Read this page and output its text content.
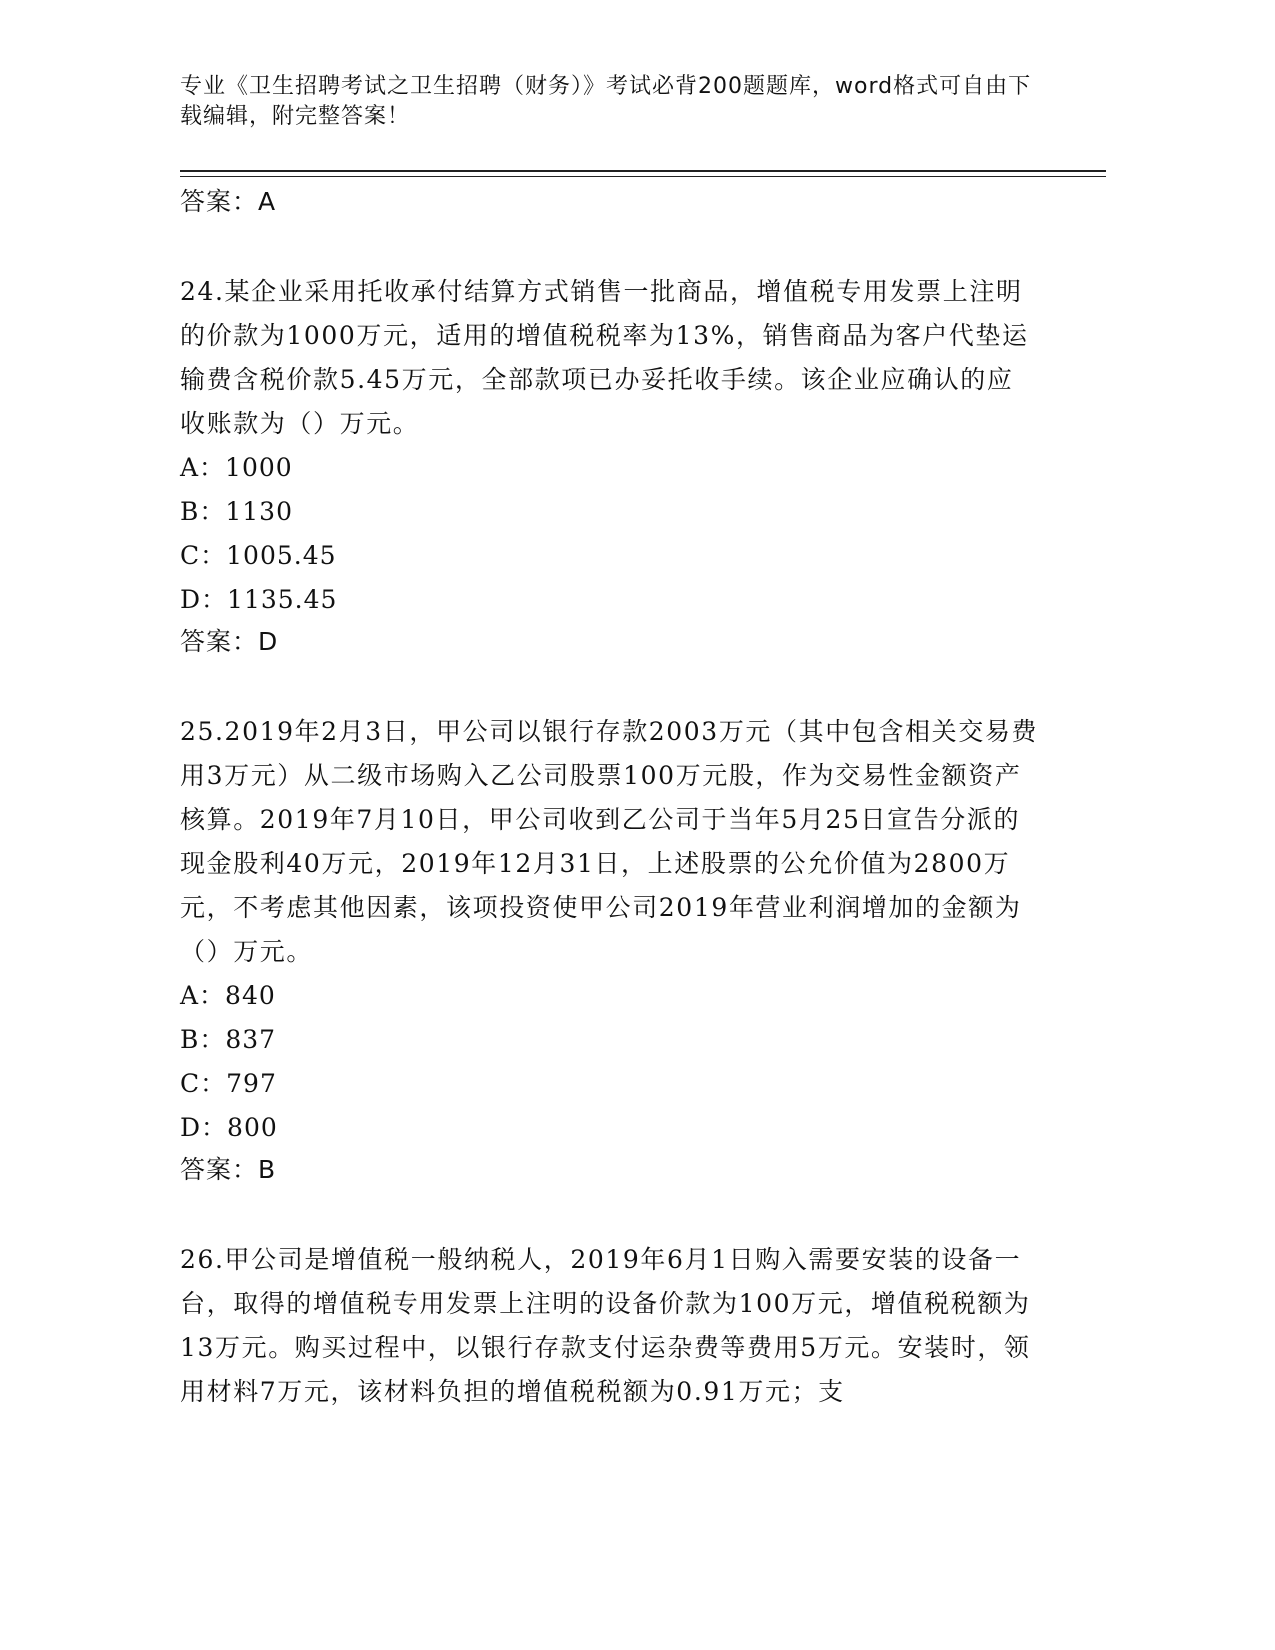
专业《卫生招聘考试之卫生招聘（财务）》考试必背200题题库，word格式可自由下载编辑，附完整答案！

答案：A

24.某企业采用托收承付结算方式销售一批商品，增值税专用发票上注明的价款为1000万元，适用的增值税税率为13%，销售商品为客户代垫运输费含税价款5.45万元，全部款项已办妥托收手续。该企业应确认的应收账款为（）万元。

A：1000

B：1130

C：1005.45

D：1135.45

答案：D

25.2019年2月3日，甲公司以银行存款2003万元（其中包含相关交易费用3万元）从二级市场购入乙公司股票100万元股，作为交易性金额资产核算。2019年7月10日，甲公司收到乙公司于当年5月25日宣告分派的现金股利40万元，2019年12月31日，上述股票的公允价值为2800万元，不考虑其他因素，该项投资使甲公司2019年营业利润增加的金额为（）万元。

A：840

B：837

C：797

D：800

答案：B

26.甲公司是增值税一般纳税人，2019年6月1日购入需要安装的设备一台，取得的增值税专用发票上注明的设备价款为100万元，增值税税额为13万元。购买过程中，以银行存款支付运杂费等费用5万元。安装时，领用材料7万元，该材料负担的增值税税额为0.91万元；支
